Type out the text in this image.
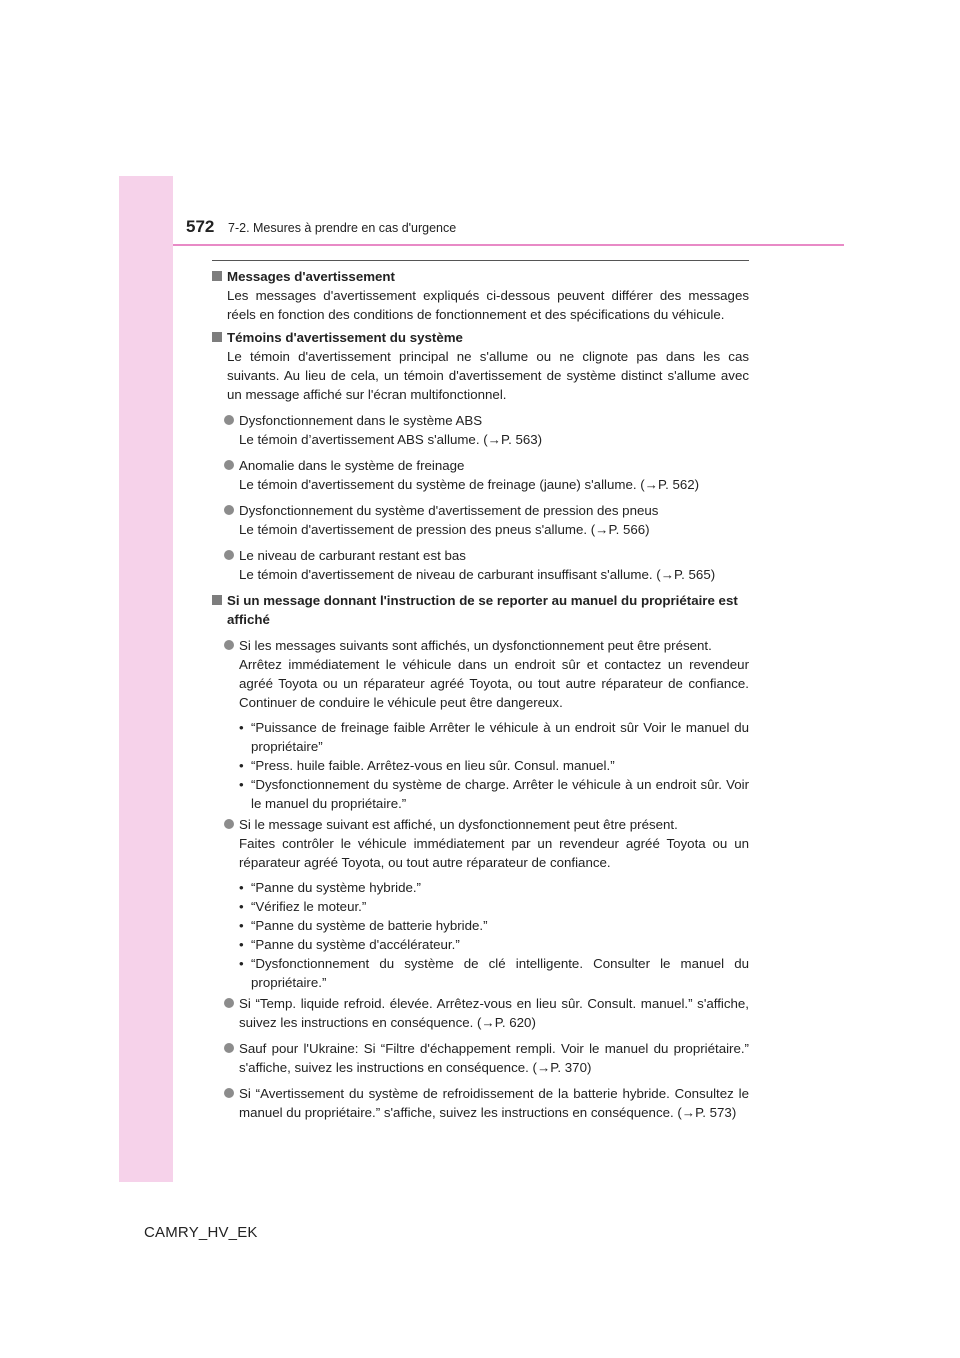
572 7-2. Mesures à prendre en cas d'urgence
Messages d'avertissement
Les messages d'avertissement expliqués ci-dessous peuvent différer des messages réels en fonction des conditions de fonctionnement et des spécifications du véhicule.
Témoins d'avertissement du système
Le témoin d'avertissement principal ne s'allume ou ne clignote pas dans les cas suivants. Au lieu de cela, un témoin d'avertissement de système distinct s'allume avec un message affiché sur l'écran multifonctionnel.
Dysfonctionnement dans le système ABS
Le témoin d’avertissement ABS s'allume. (→P. 563)
Anomalie dans le système de freinage
Le témoin d'avertissement du système de freinage (jaune) s'allume. (→P. 562)
Dysfonctionnement du système d'avertissement de pression des pneus
Le témoin d'avertissement de pression des pneus s'allume. (→P. 566)
Le niveau de carburant restant est bas
Le témoin d'avertissement de niveau de carburant insuffisant s'allume. (→P. 565)
Si un message donnant l'instruction de se reporter au manuel du propriétaire est affiché
Si les messages suivants sont affichés, un dysfonctionnement peut être présent.
Arrêtez immédiatement le véhicule dans un endroit sûr et contactez un revendeur agréé Toyota ou un réparateur agréé Toyota, ou tout autre réparateur de confiance. Continuer de conduire le véhicule peut être dangereux.
• “Puissance de freinage faible Arrêter le véhicule à un endroit sûr Voir le manuel du propriétaire”
• “Press. huile faible. Arrêtez-vous en lieu sûr. Consul. manuel.”
• “Dysfonctionnement du système de charge. Arrêter le véhicule à un endroit sûr. Voir le manuel du propriétaire.”
Si le message suivant est affiché, un dysfonctionnement peut être présent.
Faites contrôler le véhicule immédiatement par un revendeur agréé Toyota ou un réparateur agréé Toyota, ou tout autre réparateur de confiance.
• “Panne du système hybride.”
• “Vérifiez le moteur.”
• “Panne du système de batterie hybride.”
• “Panne du système d'accélérateur.”
• “Dysfonctionnement du système de clé intelligente. Consulter le manuel du propriétaire.”
Si “Temp. liquide refroid. élevée. Arrêtez-vous en lieu sûr. Consult. manuel.” s'affiche, suivez les instructions en conséquence. (→P. 620)
Sauf pour l'Ukraine: Si “Filtre d'échappement rempli. Voir le manuel du propriétaire.” s'affiche, suivez les instructions en conséquence. (→P. 370)
Si “Avertissement du système de refroidissement de la batterie hybride. Consultez le manuel du propriétaire.” s'affiche, suivez les instructions en conséquence. (→P. 573)
CAMRY_HV_EK
